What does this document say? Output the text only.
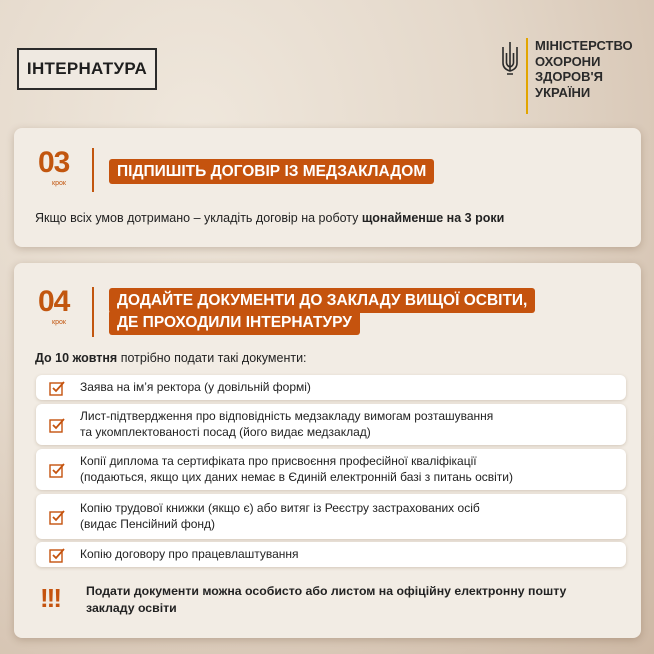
ІНТЕРНАТУРА
МІНІСТЕРСТВО
ОХОРОНИ
ЗДОРОВ'Я
УКРАЇНИ
03
крок
ПІДПИШІТЬ ДОГОВІР ІЗ МЕДЗАКЛАДОМ
Якщо всіх умов дотримано – укладіть договір на роботу щонайменше на 3 роки
04
крок
ДОДАЙТЕ ДОКУМЕНТИ ДО ЗАКЛАДУ ВИЩОЇ ОСВІТИ,
ДЕ ПРОХОДИЛИ ІНТЕРНАТУРУ
До 10 жовтня потрібно подати такі документи:
Заява на ім’я ректора (у довільній формі)
Лист-підтвердження про відповідність медзакладу вимогам розташування
та укомплектованості посад (його видає медзаклад)
Копії диплома та сертифіката про присвоєння професійної кваліфікації
(подаються, якщо цих даних немає в Єдиній електронній базі з питань освіти)
Копію трудової книжки (якщо є) або витяг із Реєстру застрахованих осіб
(видає Пенсійний фонд)
Копію договору про працевлаштування
!!! Подати документи можна особисто або листом на офіційну електронну пошту закладу освіти
